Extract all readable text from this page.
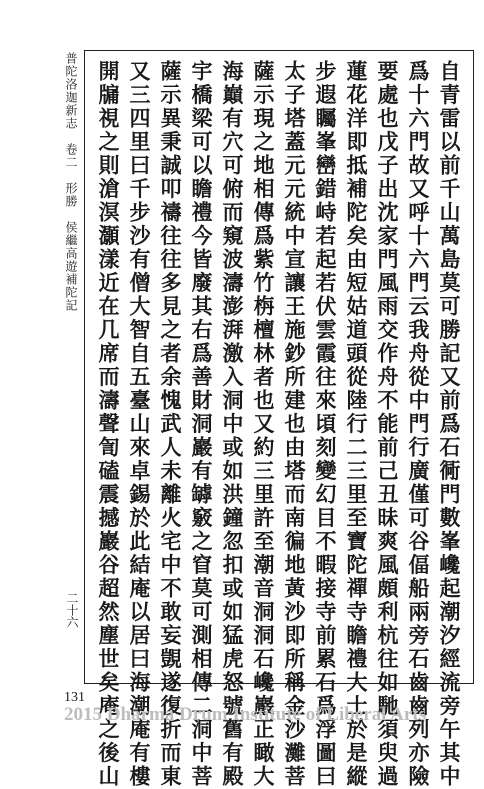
普陀洛迦新志　卷二　形勝　侯繼高遊補陀記
二十六	自青雷以前千山萬島莫可勝記又前爲石衕門數峯巉起潮汐經流旁午其中
爲十六門故又呼十六門云我舟從中門行廣僅可谷偪船兩旁石齒齒列亦險
要處也戊子出沈家門風雨交作舟不能前己丑昧爽風頗利杭往如馳須臾過
蓮花洋即抵補陀矣由短姑道頭從陸行二三里至寶陀禪寺瞻禮大士於是縱
步遐矚峯巒錯峙若起若伏雲霞往來頃刻變幻目不暇接寺前累石爲浮圖曰
太子塔蓋元元統中宣讓王施鈔所建也由塔而南徧地黃沙即所稱金沙灘菩
薩示現之地相傳爲紫竹栴檀林者也又約三里許至潮音洞洞石巉巖正瞰大
海巔有穴可俯而窺波濤澎湃激入洞中或如洪鐘忽扣或如猛虎怒號舊有殿
宇橋梁可以瞻禮今皆廢其右爲善財洞巖有罅竅之窅莫可測相傳二洞中菩
薩示異秉誠叩禱往往多見之者余愧武人未離火宅中不敢妄覬遂復折而東
又三四里曰千步沙有僧大智自五臺山來卓錫於此結庵以居曰海潮庵有樓
開牖視之則滄溟灝漾近在几席而濤聲訇磕震撼巖谷超然塵世矣庵之後山
131
2015 Dharma Drum Institute of Liberal Arts
